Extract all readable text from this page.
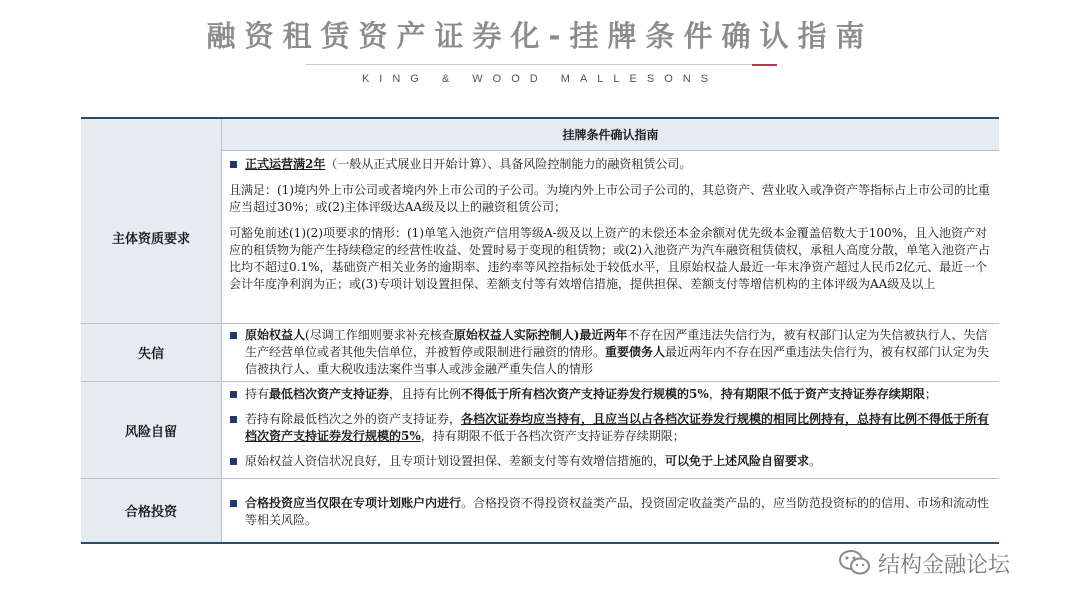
融资租赁资产证券化-挂牌条件确认指南
KING & WOOD MALLESONS
挂牌条件确认指南
主体资质要求
正式运营满2年（一般从正式展业日开始计算）、具备风险控制能力的融资租赁公司。
且满足：(1)境内外上市公司或者境内外上市公司的子公司。为境内外上市公司子公司的，其总资产、营业收入或净资产等指标占上市公司的比重应当超过30%；或(2)主体评级达AA级及以上的融资租赁公司；
可豁免前述(1)(2)项要求的情形：(1)单笔入池资产信用等级A-级及以上资产的未偿还本金余额对优先级本金覆盖倍数大于100%，且入池资产对应的租赁物为能产生持续稳定的经营性收益、处置时易于变现的租赁物；或(2)入池资产为汽车融资租赁债权，承租人高度分散，单笔入池资产占比均不超过0.1%，基础资产相关业务的逾期率、违约率等风控指标处于较低水平，且原始权益人最近一年末净资产超过人民币2亿元、最近一个会计年度净利润为正；或(3)专项计划设置担保、差额支付等有效增信措施，提供担保、差额支付等增信机构的主体评级为AA级及以上
失信
原始权益人(尽调工作细则要求补充核查原始权益人实际控制人)最近两年不存在因严重违法失信行为，被有权部门认定为失信被执行人、失信生产经营单位或者其他失信单位，并被暂停或限制进行融资的情形。重要债务人最近两年内不存在因严重违法失信行为，被有权部门认定为失信被执行人、重大税收违法案件当事人或涉金融严重失信人的情形
风险自留
持有最低档次资产支持证券，且持有比例不得低于所有档次资产支持证券发行规模的5%，持有期限不低于资产支持证券存续期限；
若持有除最低档次之外的资产支持证券，各档次证券均应当持有，且应当以占各档次证券发行规模的相同比例持有，总持有比例不得低于所有档次资产支持证券发行规模的5%，持有期限不低于各档次资产支持证券存续期限；
原始权益人资信状况良好，且专项计划设置担保、差额支付等有效增信措施的，可以免于上述风险自留要求。
合格投资
合格投资应当仅限在专项计划账户内进行。合格投资不得投资权益类产品，投资固定收益类产品的，应当防范投资标的的信用、市场和流动性等相关风险。
结构金融论坛
